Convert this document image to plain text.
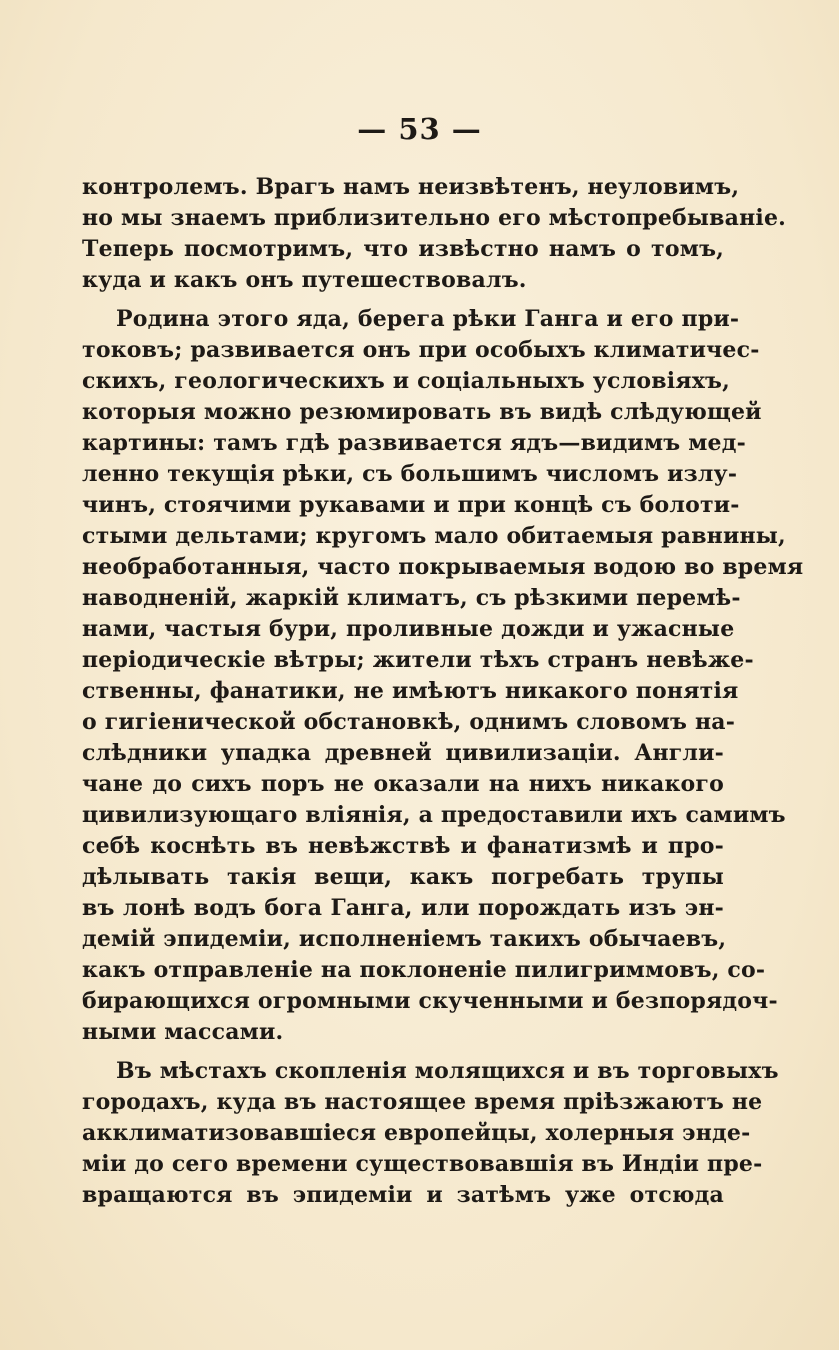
— 53 —
контролемъ. Врагъ намъ неизвѣтенъ, неуловимъ,
но мы знаемъ приблизительно его мѣстопребываніе.
Теперь посмотримъ, что извѣстно намъ о томъ,
куда и какъ онъ путешествовалъ.
Родина этого яда, берега рѣки Ганга и его при-
токовъ; развивается онъ при особыхъ климатичес-
скихъ, геологическихъ и соціальныхъ условіяхъ,
которыя можно резюмировать въ видѣ слѣдующей
картины: тамъ гдѣ развивается ядъ—видимъ мед-
ленно текущія рѣки, съ большимъ числомъ излу-
чинъ, стоячими рукавами и при концѣ съ болоти-
стыми дельтами; кругомъ мало обитаемыя равнины,
необработанныя, часто покрываемыя водою во время
наводненій, жаркій климатъ, съ рѣзкими перемѣ-
нами, частыя бури, проливные дожди и ужасные
періодическіе вѣтры; жители тѣхъ странъ невѣже-
ственны, фанатики, не имѣютъ никакого понятія
о гигіенической обстановкѣ, однимъ словомъ на-
слѣдники упадка древней цивилизаціи. Англи-
чане до сихъ поръ не оказали на нихъ никакого
цивилизующаго вліянія, а предоставили ихъ самимъ
себѣ коснѣть въ невѣжствѣ и фанатизмѣ и про-
дѣлывать такія вещи, какъ погребать трупы
въ лонѣ водъ бога Ганга, или порождать изъ эн-
демій эпидеміи, исполненіемъ такихъ обычаевъ,
какъ отправленіе на поклоненіе пилигриммовъ, со-
бирающихся огромными скученными и безпорядоч-
ными массами.
Въ мѣстахъ скопленія молящихся и въ торговыхъ
городахъ, куда въ настоящее время пріѣзжаютъ не
акклиматизовавшіеся европейцы, холерныя энде-
міи до сего времени существовавшія въ Индіи пре-
вращаются въ эпидеміи и затѣмъ уже отсюда
